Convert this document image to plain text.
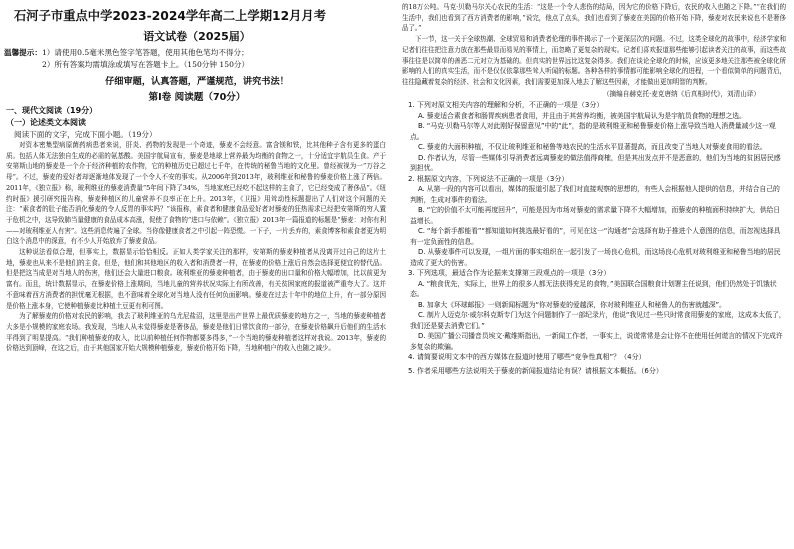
石河子市重点中学2023-2024学年高二上学期12月月考
语文试卷（2025届）
温馨提示：1）请使用0.5毫米黑色签字笔答题，使用其他色笔均不得分；
2）所有答案均需填涂或填写在答题卡上。（150分钟 150分）
仔细审题，认真答题，严谨规范，讲究书法！
第Ⅰ卷 阅读题（70分）
一、现代文阅读（19分）
（一）论述类文本阅读
阅读下面的文字，完成下面小题。（19分）

对资本密集型病原菌药病患者来说，肝炎、药物的发现是一个奇迹，藜麦不会经意。富含镁和铁，比其他种子含有更多的蛋白质。包括人体无法独自生成的必需的氨基酸。美国宇航局宣布，藜麦是地球上营养最为均衡的食物之一，十分适宜宇航员生食。产于安第斯山地的藜麦是一个介于经济种植的农作物，它的种植历史已超过七千年，在传统的秘鲁当地的文化里。曾经被视为一“万谷之母”。不过，藜麦的爱好者却逐渐地体发现了一个令人不安的事实。从2006年到2013年，玻利维亚和秘鲁的藜麦价格上涨了两倍。2011年，《独立报》称，玻利维亚的藜麦消费量“5年间下降了34%，当地家庭已经吃不起这样的主食了，它已经变成了奢侈品”。《纽约时报》援引研究报告称，藜麦种植区的儿童营养不良率正在上升。2013年，《卫报》用耸动性标题提出了人们对这个问题的关注：“素食者的肚子能否消化藜麦的令人反胃的事实吗？”该报称，素食者和健康食品爱好者对藜麦的狂热需求已经把安第斯的穷人置于危机之中，这导致肺当量健康的食品成本高涨，促使了食物的“进口与依赖”。《独立报》2013年一篇报道的标题是“藜麦：对你有利——对玻利维亚人有害”。这些消息传遍了全球。当你像健康食者之中引起一阵恐慌。一下子，一片丢弃的，素食博客和素食者更为明白这个消息中的深意，有不少人开始放弃了藜麦食品。

这种说法看似合理，但事实上，数据显示恰恰相反。正如人类学家关注的那样，安第斯的藜麦种植者从没离开过自己的这片土地，藜麦也从来不是他们的主食。但是，他们和其他地区的收入者和消费者一样，在藜麦的价格上涨后自然会选择更便宜的替代品。但是把这当成是对当地人的伤害，他们还会大量进口粮食。玻利维亚的藜麦种植者，由于藜麦的出口量和价格大幅增加，比以前更为富有。而且，统计数据显示，在藜麦价格上涨期间，当地儿童的营养状况实际上有所改善，有关贫困家庭的报道被严重夸大了。这并不意味着西方消费者的担忧毫无根据，也不意味着全球化对当地人没有任何负面影响。藜麦在过去十年中的地位上升，有一部分原因是价格上涨本身，它使种植藜麦比种植土豆更有利可图。

为了解藜麦的价格对农民的影响，我去了玻利维亚的乌尤尼盐沼，这里是出产世界上最优质藜麦的地方之一，当地的藜麦种植者大多是小规模的家庭农场。我发现，当地人从未觉得藜麦是奢侈品，藜麦是他们日常饮食的一部分，在藜麦价格飙升后他们的生活水平得到了明显提高。“我们种植藜麦的收入，比以前种植任何作物都要多得多，”一个当地的藜麦种植者这样对我说。2013年，藜麦的价格达到顶峰，在这之后，由于其他国家开始大规模种植藜麦，藜麦价格开始下降，当地种植户的收入也随之减少。

的18万公吨。马克·贝勒马尔关心农民的生活：“这是一个令人悲伤的结局，因为它的价格下降后，农民的收入也随之下降。”“在我们的生活中，我们也看到了西方消费者的影响，”说完，他点了点头，我们也看到了藜麦在美国的价格开始下降，藜麦对农民来说也不是奢侈品了。”

下一节，这一关于全球热潮、全球贸易和消费者伦理的事件揭示了一个更深层次的问题。不过，这类全球化的故事中，经济学家和记者们往往把注意力放在那些最显而易见的事情上，而忽略了更复杂的现实。记者们喜欢报道那些能够引起读者关注的故事，而这些故事往往是以简单的善恶二元对立为基础的。但真实的世界远比这复杂得多。我们在谈论全球化的时候，应该更多地关注那些被全球化所影响的人们的真实生活，而不是仅仅依靠那些耸人听闻的标题。各种各样的事情都可能影响全球化的进程，一个看似简单的问题背后，往往隐藏着复杂的经济、社会和文化因素，我们需要更加深入地去了解这些因素，才能做出更加明智的判断。

（摘编自赫克托·麦克唐纳《后真相时代》，刘清山译）
1. 下列对原文相关内容的理解和分析，不正确的一项是（3分）
A. 藜麦适合素食者和肠胃疾病患者食用，并且由于其营养均衡，被美国宇航局认为是宇航员食物的理想之选。
B. “马克·贝勒马尔等人对此刚好保留意见”中的“此”，指的是玻利维亚和秘鲁藜麦价格上涨导致当地人消费量减少这一观点。
C. 藜麦的大面积种植，不仅让玻利维亚和秘鲁等地农民的生活水平显著提高，而且改变了当地人对藜麦食用的看法。
D. 作者认为，尽管一些媒体引导消费者远离藜麦的做法值得商榷，但是其出发点并不是恶意的，他们为当地的贫困居民感到担忧。
2. 根据原文内容，下列说法不正确的一项是（3分）
A. 从第一段的内容可以看出，媒体的报道引起了我们对直接观察的思想的，有些人会根据他人提供的信息，并结合自己的判断，生成对事件的看法。
B. “它的价值不太可能再度回升”，可能是因为市场对藜麦的需求量下降不大幅增加，而藜麦的种植面积持续扩大，供给日益增长。
C. “每个新手都能看”“都知道如何挑选最好看的”，可见在这一“沟通者”会选择有助于推进个人意图的信息，而忽视选择具有一定负面性的信息。
D. 从藜麦事件可以发现，一组片面的事实组织在一起引发了一场良心危机，而这场良心危机对玻利维亚和秘鲁当地的居民造成了更大的伤害。
3. 下列选项，最适合作为论据来支撑第三段观点的一项是（3分）
A. “粮食优先，实际上，世界上的很多人都无法获得充足的食物，”美国联合国粮食计划署主任说到，他们仍然处于饥饿状态。
B. 加拿大《环球邮报》一则新闻标题为“你对藜麦的爱越深，你对玻利维亚人和秘鲁人的伤害就越深”。
C. 制片人迈克尔·威尔科克斯专门为这个问题制作了一部纪录片，他说“我见过一些只时常食用藜麦的家庭，这成本太低了，我们还是要去消费它们。”
D. 美国广播公司播音员埃文·戴维斯指出，一新闻工作者，一事实上，说谎常常是会让你不在使用任何谎言的情况下完成许多复杂的欺骗。
4. 请简要说明文本中的西方媒体在报道时使用了哪些“竞争性真相”？（4分）
5. 作者采用哪些方法说明关于藜麦的新闻报道结论有误？请根据文本概括。（6分）
